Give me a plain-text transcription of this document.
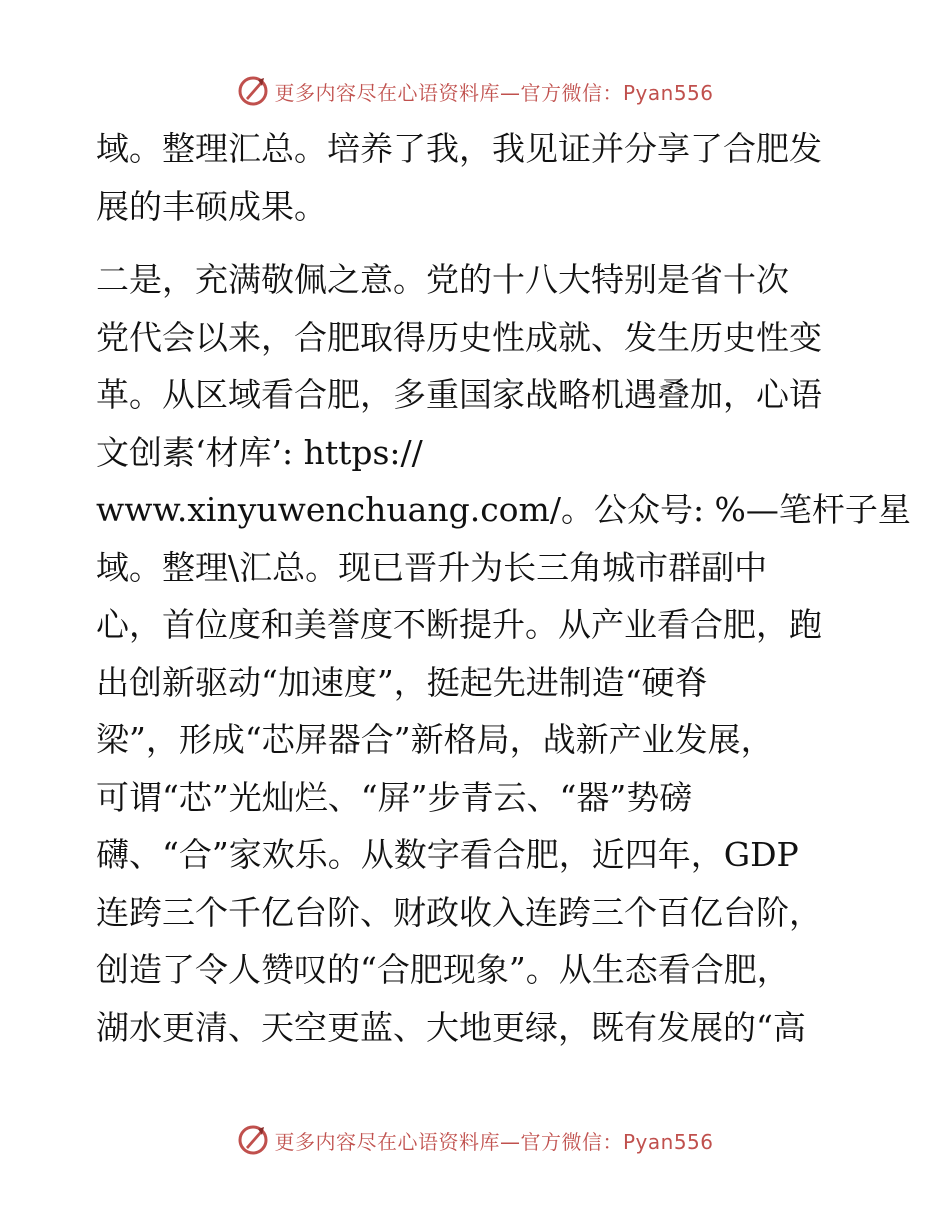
更多内容尽在心语资料库—官方微信：Pyan556
域。整理汇总。培养了我，我见证并分享了合肥发
展的丰硕成果。
二是，充满敬佩之意。党的十八大特别是省十次
党代会以来，合肥取得历史性成就、发生历史性变
革。从区域看合肥，多重国家战略机遇叠加，心语
文创素‘材库’: https://
www.xinyuwenchuang.com/。公众号: %—笔杆子星
域。整理\汇总。现已晋升为长三角城市群副中
心，首位度和美誉度不断提升。从产业看合肥，跑
出创新驱动“加速度”，挺起先进制造“硬脊
梁”，形成“芯屏器合”新格局，战新产业发展，
可谓“芯”光灿烂、“屏”步青云、“器”势磅
礴、“合”家欢乐。从数字看合肥，近四年，GDP
连跨三个千亿台阶、财政收入连跨三个百亿台阶，
创造了令人赞叹的“合肥现象”。从生态看合肥，
湖水更清、天空更蓝、大地更绿，既有发展的“高
更多内容尽在心语资料库—官方微信：Pyan556
